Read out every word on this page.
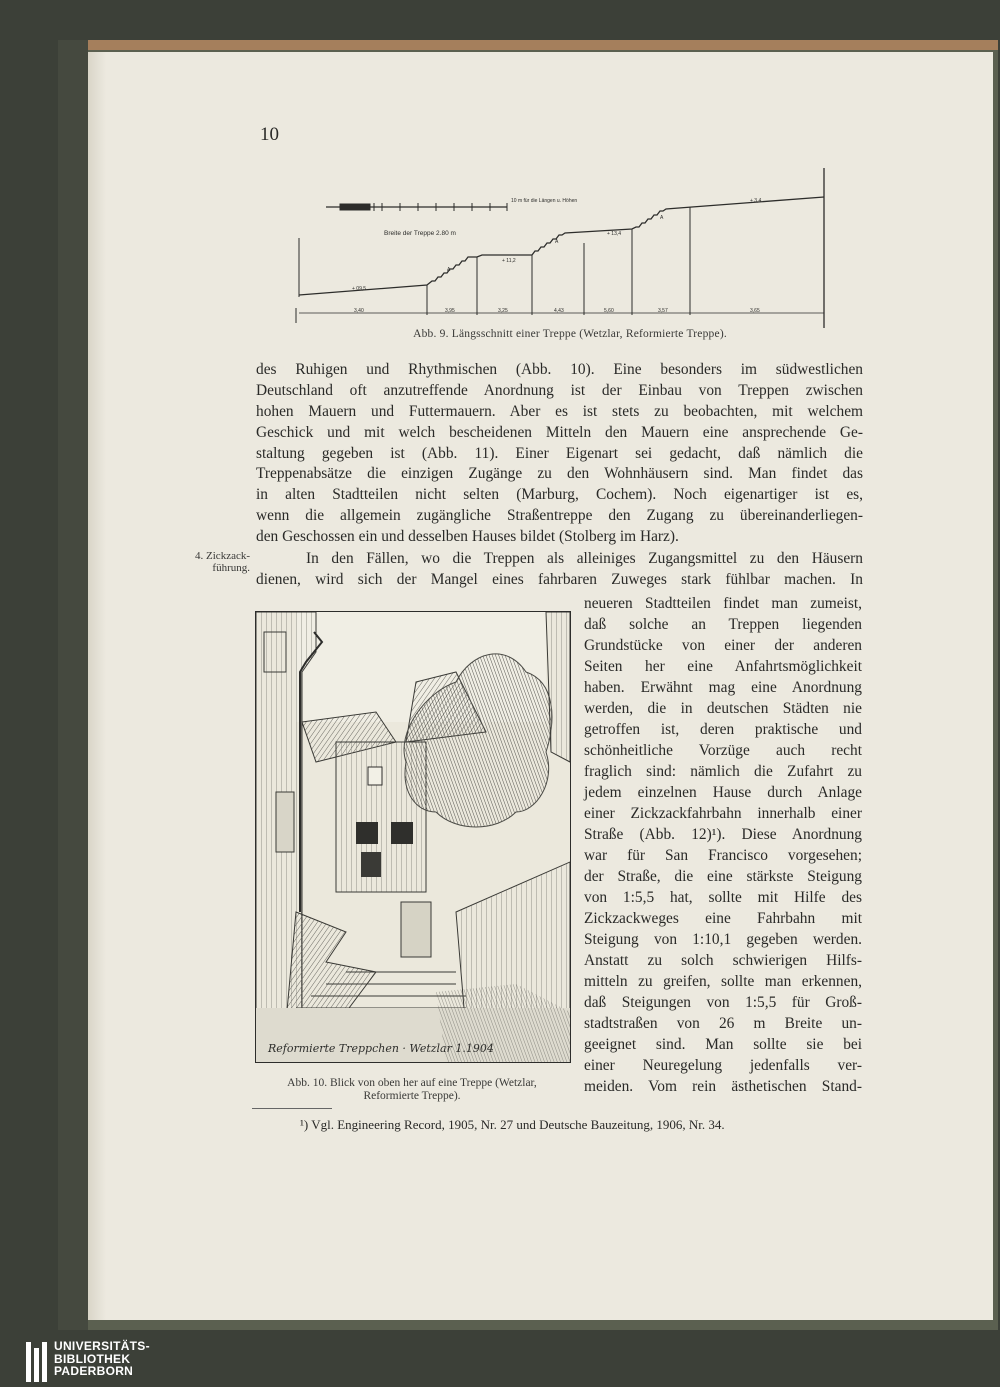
10
10 m für die Längen u. Höhen
Breite der Treppe 2.80 m
+ 09,5
+ 11,2
+ 13,4
+ 3,4
A
A
A
3,40	3,95	3,25	4,43	5,60	3,57	3,65
Abb. 9. Längsschnitt einer Treppe (Wetzlar, Reformierte Treppe).
des Ruhigen und Rhythmischen (Abb. 10). Eine besonders im südwestlichen
Deutschland oft anzutreffende Anordnung ist der Einbau von Treppen zwischen
hohen Mauern und Futtermauern. Aber es ist stets zu beobachten, mit welchem
Geschick und mit welch bescheidenen Mitteln den Mauern eine ansprechende Ge-
staltung gegeben ist (Abb. 11). Einer Eigenart sei gedacht, daß nämlich die
Treppenabsätze die einzigen Zugänge zu den Wohnhäusern sind. Man findet das
in alten Stadtteilen nicht selten (Marburg, Cochem). Noch eigenartiger ist es,
wenn die allgemein zugängliche Straßentreppe den Zugang zu übereinanderliegen-
den Geschossen ein und desselben Hauses bildet (Stolberg im Harz).
4. Zickzack-
führung.
In den Fällen, wo die Treppen als alleiniges Zugangsmittel zu den Häusern
dienen, wird sich der Mangel eines fahrbaren Zuweges stark fühlbar machen. In
Reformierte Treppchen · Wetzlar 1.1904
Abb. 10. Blick von oben her auf eine Treppe (Wetzlar,
Reformierte Treppe).
neueren Stadtteilen findet man zumeist,
daß solche an Treppen liegenden
Grundstücke von einer der anderen
Seiten her eine Anfahrtsmöglichkeit
haben. Erwähnt mag eine Anordnung
werden, die in deutschen Städten nie
getroffen ist, deren praktische und
schönheitliche Vorzüge auch recht
fraglich sind: nämlich die Zufahrt zu
jedem einzelnen Hause durch Anlage
einer Zickzackfahrbahn innerhalb einer
Straße (Abb. 12)¹). Diese Anordnung
war für San Francisco vorgesehen;
der Straße, die eine stärkste Steigung
von 1:5,5 hat, sollte mit Hilfe des
Zickzackweges eine Fahrbahn mit
Steigung von 1:10,1 gegeben werden.
Anstatt zu solch schwierigen Hilfs-
mitteln zu greifen, sollte man erkennen,
daß Steigungen von 1:5,5 für Groß-
stadtstraßen von 26 m Breite un-
geeignet sind. Man sollte sie bei
einer Neuregelung jedenfalls ver-
meiden. Vom rein ästhetischen Stand-
¹) Vgl. Engineering Record, 1905, Nr. 27 und Deutsche Bauzeitung, 1906, Nr. 34.
UNIVERSITÄTS-
BIBLIOTHEK
PADERBORN
